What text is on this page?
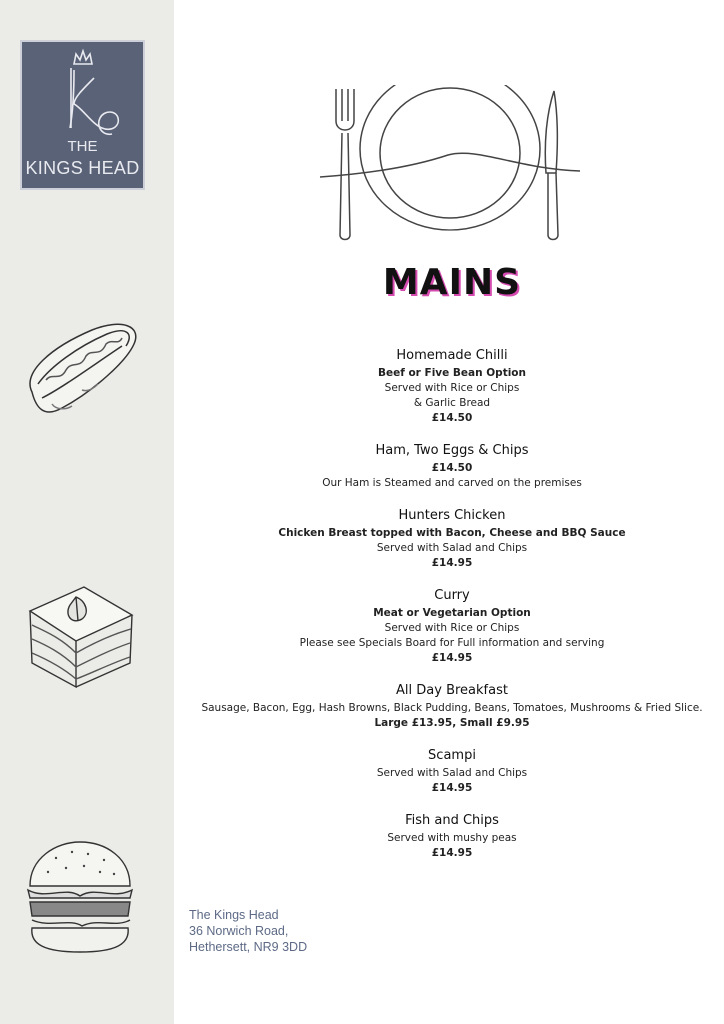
THE
KINGS HEAD
The Kings Head
36 Norwich Road,
Hethersett, NR9 3DD
MAINS
Homemade Chilli
Beef or Five Bean Option
Served with Rice or Chips
& Garlic Bread
£14.50
Ham, Two Eggs & Chips
£14.50
Our Ham is Steamed and carved on the premises
Hunters Chicken
Chicken Breast topped with Bacon, Cheese and BBQ Sauce
Served with Salad and Chips
£14.95
Curry
Meat or Vegetarian Option
Served with Rice or Chips
Please see Specials Board for Full information and serving
£14.95
All Day Breakfast
Sausage, Bacon, Egg, Hash Browns, Black Pudding, Beans, Tomatoes, Mushrooms & Fried Slice.
Large £13.95, Small £9.95
Scampi
Served with Salad and Chips
£14.95
Fish and Chips
Served with mushy peas
£14.95
